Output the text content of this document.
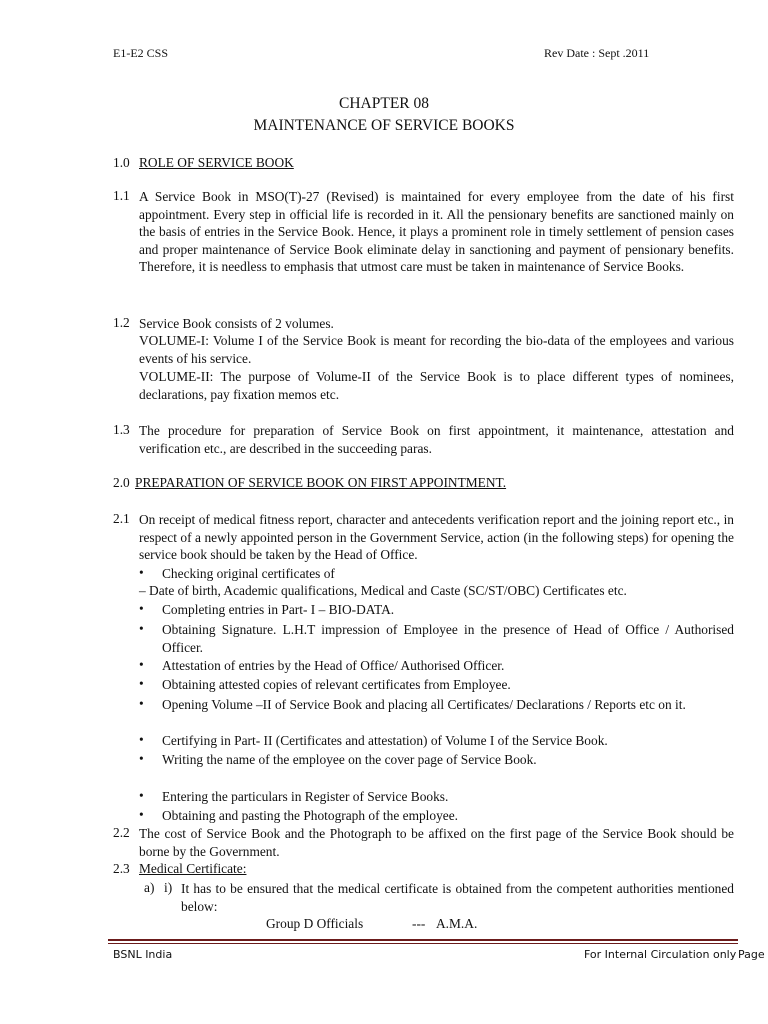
E1-E2 CSS	Rev Date : Sept .2011
CHAPTER 08
MAINTENANCE OF SERVICE BOOKS
1.0 ROLE OF SERVICE BOOK
1.1 A Service Book in MSO(T)-27 (Revised) is maintained for every employee from the date of his first appointment. Every step in official life is recorded in it. All the pensionary benefits are sanctioned mainly on the basis of entries in the Service Book. Hence, it plays a prominent role in timely settlement of pension cases and proper maintenance of Service Book eliminate delay in sanctioning and payment of pensionary benefits. Therefore, it is needless to emphasis that utmost care must be taken in maintenance of Service Books.
1.2 Service Book consists of 2 volumes.
VOLUME-I: Volume I of the Service Book is meant for recording the bio-data of the employees and various events of his service.
VOLUME-II: The purpose of Volume-II of the Service Book is to place different types of nominees, declarations, pay fixation memos etc.
1.3 The procedure for preparation of Service Book on first appointment, it maintenance, attestation and verification etc., are described in the succeeding paras.
2.0 PREPARATION OF SERVICE BOOK ON FIRST APPOINTMENT.
2.1 On receipt of medical fitness report, character and antecedents verification report and the joining report etc., in respect of a newly appointed person in the Government Service, action (in the following steps) for opening the service book should be taken by the Head of Office.
• Checking original certificates of
– Date of birth, Academic qualifications, Medical and Caste (SC/ST/OBC) Certificates etc.
• Completing entries in Part- I – BIO-DATA.
• Obtaining Signature. L.H.T impression of Employee in the presence of Head of Office / Authorised Officer.
• Attestation of entries by the Head of Office/ Authorised Officer.
• Obtaining attested copies of relevant certificates from Employee.
• Opening Volume –II of Service Book and placing all Certificates/ Declarations / Reports etc on it.
• Certifying in Part- II (Certificates and attestation) of Volume I of the Service Book.
• Writing the name of the employee on the cover page of Service Book.
• Entering the particulars in Register of Service Books.
• Obtaining and pasting the Photograph of the employee.
2.2 The cost of Service Book and the Photograph to be affixed on the first page of the Service Book should be borne by the Government.
2.3 Medical Certificate:
a) i) It has to be ensured that the medical certificate is obtained from the competent authorities mentioned below:
Group D Officials	--- A.M.A.
BSNL India	For Internal Circulation only Page
